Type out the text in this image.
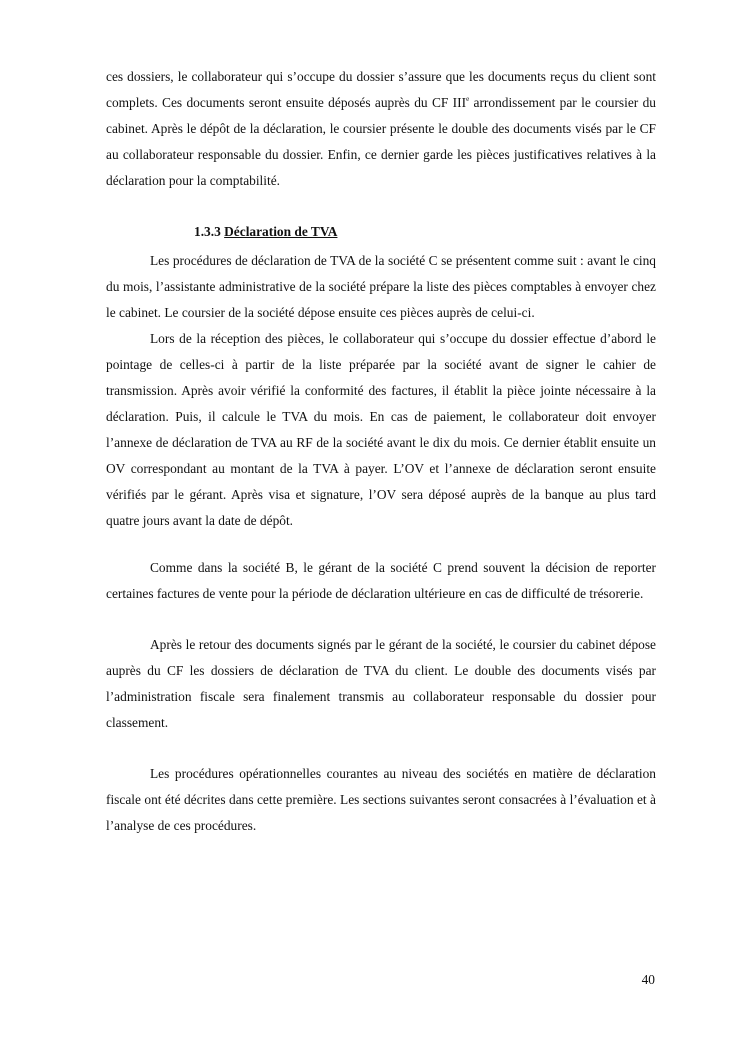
ces dossiers, le collaborateur qui s’occupe du dossier s’assure que les documents reçus du client sont complets. Ces documents seront ensuite déposés auprès du CF IIIe arrondissement par le coursier du cabinet. Après le dépôt de la déclaration, le coursier présente le double des documents visés par le CF au collaborateur responsable du dossier. Enfin, ce dernier garde les pièces justificatives relatives à la déclaration pour la comptabilité.

1.3.3 Déclaration de TVA

Les procédures de déclaration de TVA de la société C se présentent comme suit : avant le cinq du mois, l’assistante administrative de la société prépare la liste des pièces comptables à envoyer chez le cabinet. Le coursier de la société dépose ensuite ces pièces auprès de celui-ci.

Lors de la réception des pièces, le collaborateur qui s’occupe du dossier effectue d’abord le pointage de celles-ci à partir de la liste préparée par la société avant de signer le cahier de transmission. Après avoir vérifié la conformité des factures, il établit la pièce jointe nécessaire à la déclaration. Puis, il calcule le TVA du mois. En cas de paiement, le collaborateur doit envoyer l’annexe de déclaration de TVA au RF de la société avant le dix du mois. Ce dernier établit ensuite un OV correspondant au montant de la TVA à payer. L’OV et l’annexe de déclaration seront ensuite vérifiés par le gérant. Après visa et signature, l’OV sera déposé auprès de la banque au plus tard quatre jours avant la date de dépôt.

Comme dans la société B, le gérant de la société C prend souvent la décision de reporter certaines factures de vente pour la période de déclaration ultérieure en cas de difficulté de trésorerie.

Après le retour des documents signés par le gérant de la société, le coursier du cabinet dépose auprès du CF les dossiers de déclaration de TVA du client. Le double des documents visés par l’administration fiscale sera finalement transmis au collaborateur responsable du dossier pour classement.

Les procédures opérationnelles courantes au niveau des sociétés en matière de déclaration fiscale ont été décrites dans cette première. Les sections suivantes seront consacrées à l’évaluation et à l’analyse de ces procédures.

40
